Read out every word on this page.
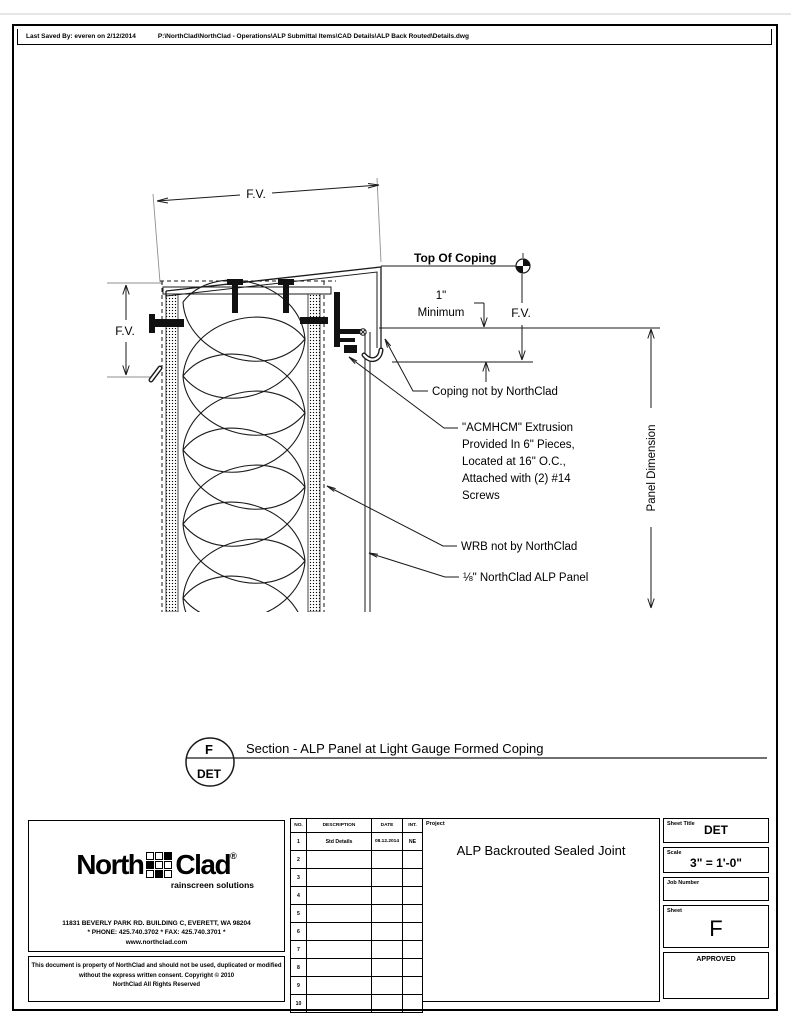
Last Saved By: everen on 2/12/2014	P:\NorthClad\NorthClad - Operations\ALP Submittal Items\CAD Details\ALP Back Routed\Details.dwg
F.V.
F.V.
Top Of Coping
F.V.
1"
Minimum
Panel Dimension
Coping not by NorthClad
"ACMHCM" Extrusion
Provided In 6" Pieces,
Located at 16" O.C.,
Attached with (2) #14
Screws
WRB not by NorthClad
⅛" NorthClad ALP Panel
F
DET
Section - ALP Panel at Light Gauge Formed Coping
North Clad ®
rainscreen solutions
11831 BEVERLY PARK RD. BUILDING C, EVERETT, WA 98204
* PHONE: 425.740.3702 * FAX: 425.740.3701 *
www.northclad.com
This document is property of NorthClad and should not be used, duplicated or modified
without the express written consent. Copyright © 2010
NorthClad All Rights Reserved
NO.	DESCRIPTION	DATE	INT.
1	Std Details	08.12.2014	NE
2			
3			
4			
5			
6			
7			
8			
9			
10			
Project
ALP Backrouted Sealed Joint
Sheet Title DET
Scale
3" = 1'-0"
Job Number
Sheet
F
APPROVED
